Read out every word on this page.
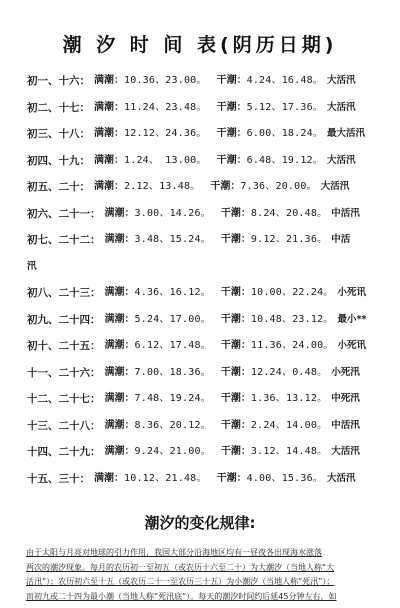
潮 汐 时 间 表(阴历日期)
初一、十六： 满潮： 10.36、23.00。 干潮： 4.24、16.48。 大活汛
初二、十七： 满潮： 11.24、23.48。 干潮： 5.12、17.36。 大活汛
初三、十八： 满潮： 12.12、24.36。 干潮： 6.00、18.24。 最大活汛
初四、十九： 满潮： 1.24、 13.00。 干潮： 6.48、19.12。 大活汛
初五、二十： 满潮： 2.12、13.48。 干潮： 7.36、20.00。 大活汛
初六、二十一： 满潮： 3.00、14.26。 干潮： 8.24、20.48。 中活汛
初七、二十二： 满潮： 3.48、15.24。 干潮： 9.12、21.36。 中活
汛
初八、二十三： 满潮： 4.36、16.12。 干潮： 10.00、22.24。 小死讯
初九、二十四： 满潮： 5.24、17.00。 干潮： 10.48、23.12。 最小**
初十、二十五： 满潮： 6.12、17.48。 干潮： 11.36、24.00。 小死讯
十一、二十六： 满潮： 7.00、18.36。 干潮： 12.24、0.48。 小死汛
十二、二十七： 满潮： 7.48、19.24。 干潮： 1.36、13.12。 中死汛
十三、二十八： 满潮： 8.36、20.12。 干潮： 2.24、14.00。 中活汛
十四、二十九： 满潮： 9.24、21.00。 干潮： 3.12、14.48。 大活汛
十五、三十： 满潮： 10.12、21.48。 干潮： 4.00、15.36。 大活汛
潮汐的变化规律:
由于太阳与月亮对地球的引力作用，我国大部分沿海地区均有一昼夜各出现海水涨落
两次的潮汐现象。每月的农历初一至初五（或农历十六至二十）为大潮汐（当地人称“大
活汛”）；农历初六至十五（或农历二十一至农历三十五）为小潮汐（当地人称“死汛”）；
而初九或二十四为最小潮（当地人称“死汛底”）。每天的潮汐时间约后延45分钟左右，如
